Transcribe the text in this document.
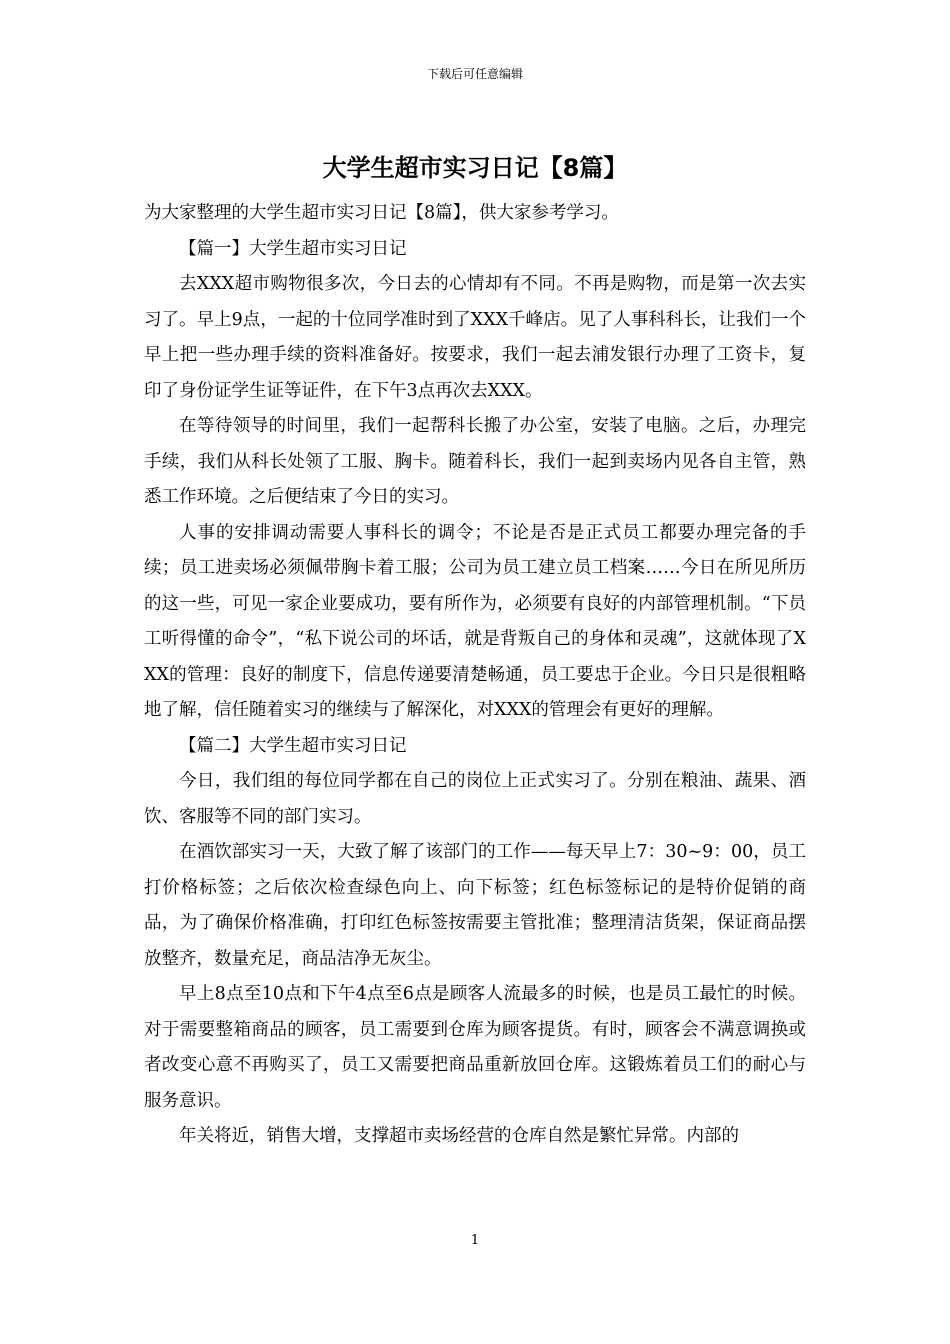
下载后可任意编辑
大学生超市实习日记【8篇】

为大家整理的大学生超市实习日记【8篇】，供大家参考学习。

【篇一】大学生超市实习日记

去XXX超市购物很多次，今日去的心情却有不同。不再是购物，而是第一次去实习了。早上9点，一起的十位同学准时到了XXX千峰店。见了人事科科长，让我们一个早上把一些办理手续的资料准备好。按要求，我们一起去浦发银行办理了工资卡，复印了身份证学生证等证件，在下午3点再次去XXX。

在等待领导的时间里，我们一起帮科长搬了办公室，安装了电脑。之后，办理完手续，我们从科长处领了工服、胸卡。随着科长，我们一起到卖场内见各自主管，熟悉工作环境。之后便结束了今日的实习。

人事的安排调动需要人事科长的调令；不论是否是正式员工都要办理完备的手续；员工进卖场必须佩带胸卡着工服；公司为员工建立员工档案……今日在所见所历的这一些，可见一家企业要成功，要有所作为，必须要有良好的内部管理机制。“下员工听得懂的命令”，“私下说公司的坏话，就是背叛自己的身体和灵魂”，这就体现了XXX的管理：良好的制度下，信息传递要清楚畅通，员工要忠于企业。今日只是很粗略地了解，信任随着实习的继续与了解深化，对XXX的管理会有更好的理解。

【篇二】大学生超市实习日记

今日，我们组的每位同学都在自己的岗位上正式实习了。分别在粮油、蔬果、酒饮、客服等不同的部门实习。

在酒饮部实习一天，大致了解了该部门的工作——每天早上7：30~9：00，员工打价格标签；之后依次检查绿色向上、向下标签；红色标签标记的是特价促销的商品，为了确保价格准确，打印红色标签按需要主管批准；整理清洁货架，保证商品摆放整齐，数量充足，商品洁净无灰尘。

早上8点至10点和下午4点至6点是顾客人流最多的时候，也是员工最忙的时候。对于需要整箱商品的顾客，员工需要到仓库为顾客提货。有时，顾客会不满意调换或者改变心意不再购买了，员工又需要把商品重新放回仓库。这锻炼着员工们的耐心与服务意识。

年关将近，销售大增，支撑超市卖场经营的仓库自然是繁忙异常。内部的

1
